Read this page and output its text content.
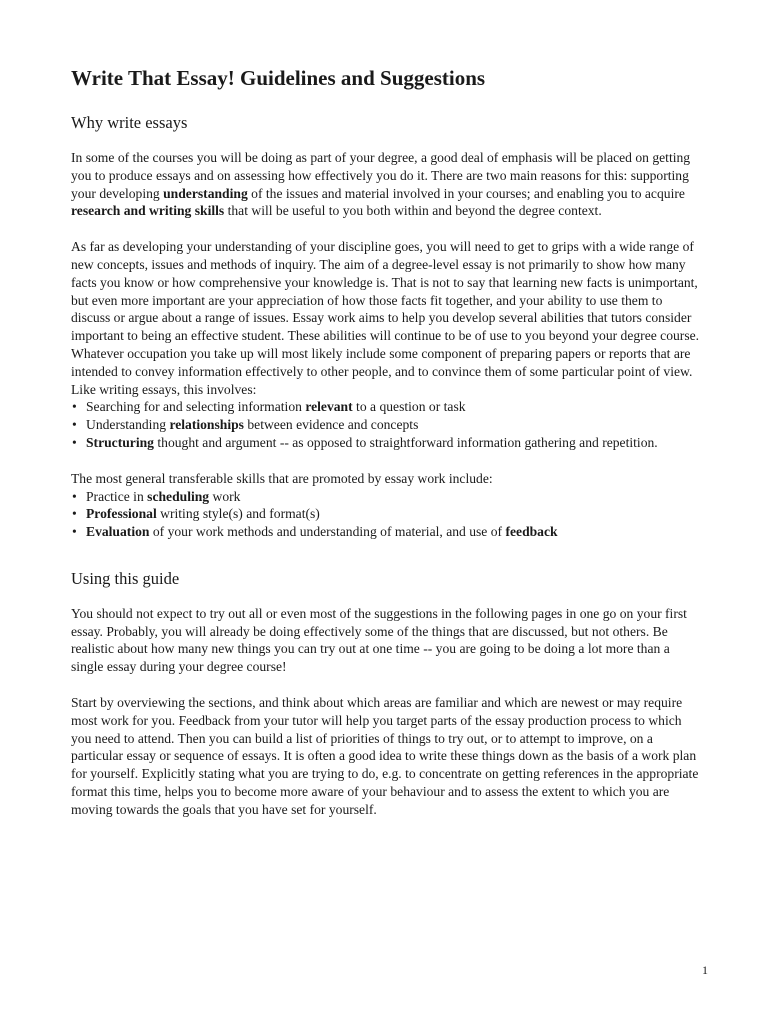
Write That Essay! Guidelines and Suggestions
Why write essays

In some of the courses you will be doing as part of your degree, a good deal of emphasis will be placed on getting you to produce essays and on assessing how effectively you do it. There are two main reasons for this: supporting your developing understanding of the issues and material involved in your courses; and enabling you to acquire research and writing skills that will be useful to you both within and beyond the degree context.

As far as developing your understanding of your discipline goes, you will need to get to grips with a wide range of new concepts, issues and methods of inquiry. The aim of a degree-level essay is not primarily to show how many facts you know or how comprehensive your knowledge is. That is not to say that learning new facts is unimportant, but even more important are your appreciation of how those facts fit together, and your ability to use them to discuss or argue about a range of issues. Essay work aims to help you develop several abilities that tutors consider important to being an effective student. These abilities will continue to be of use to you beyond your degree course. Whatever occupation you take up will most likely include some component of preparing papers or reports that are intended to convey information effectively to other people, and to convince them of some particular point of view. Like writing essays, this involves:

• Searching for and selecting information relevant to a question or task
• Understanding relationships between evidence and concepts
• Structuring thought and argument -- as opposed to straightforward information gathering and repetition.

The most general transferable skills that are promoted by essay work include:

• Practice in scheduling work
• Professional writing style(s) and format(s)
• Evaluation of your work methods and understanding of material, and use of feedback
Using this guide

You should not expect to try out all or even most of the suggestions in the following pages in one go on your first essay. Probably, you will already be doing effectively some of the things that are discussed, but not others. Be realistic about how many new things you can try out at one time -- you are going to be doing a lot more than a single essay during your degree course!

Start by overviewing the sections, and think about which areas are familiar and which are newest or may require most work for you. Feedback from your tutor will help you target parts of the essay production process to which you need to attend. Then you can build a list of priorities of things to try out, or to attempt to improve, on a particular essay or sequence of essays. It is often a good idea to write these things down as the basis of a work plan for yourself. Explicitly stating what you are trying to do, e.g. to concentrate on getting references in the appropriate format this time, helps you to become more aware of your behaviour and to assess the extent to which you are moving towards the goals that you have set for yourself.

1
